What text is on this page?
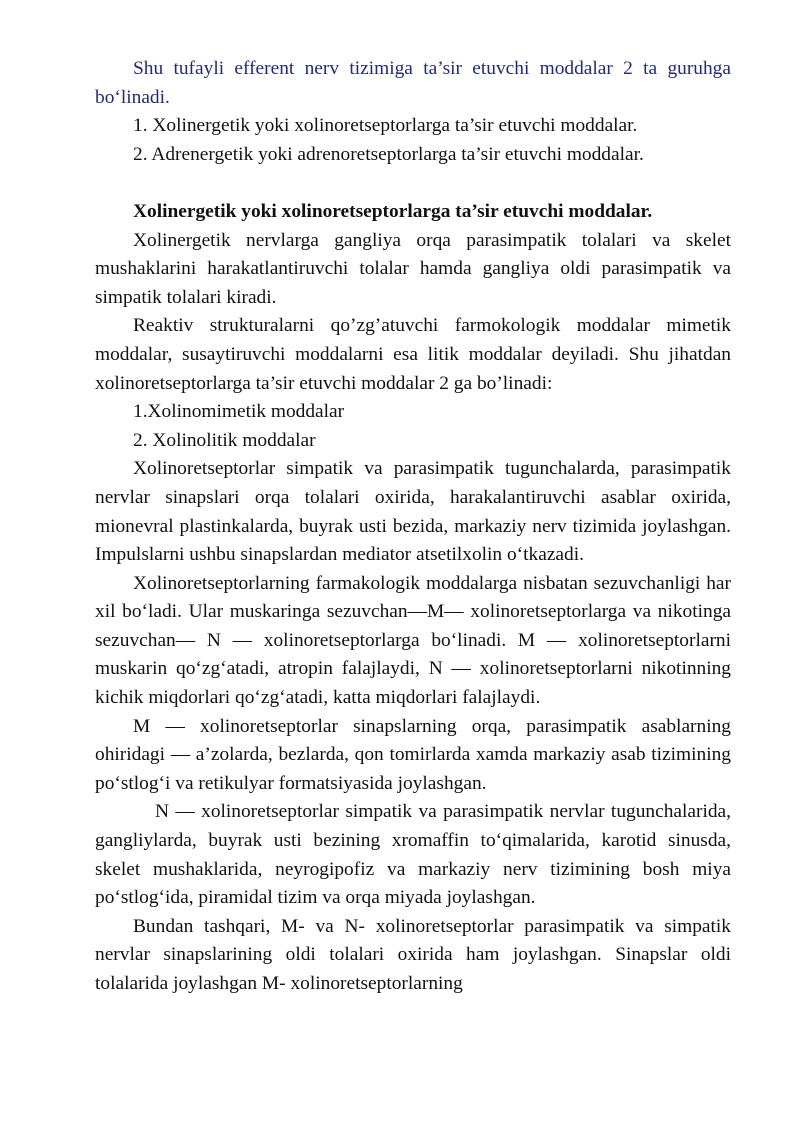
Shu tufayli efferent nerv tizimiga ta’sir etuvchi moddalar 2 ta guruhga bo‘linadi.

1. Xolinergetik yoki xolinoretseptorlarga ta’sir etuvchi moddalar.

2. Adrenergetik yoki adrenoretseptorlarga ta’sir etuvchi moddalar.

Xolinergetik yoki xolinoretseptorlarga ta’sir etuvchi moddalar.

Xolinergetik nervlarga gangliya orqa parasimpatik tolalari va skelet mushaklarini harakatlantiruvchi tolalar hamda gangliya oldi parasimpatik va simpatik tolalari kiradi.

Reaktiv strukturalarni qo’zg’atuvchi farmokologik moddalar mimetik moddalar, susaytiruvchi moddalarni esa litik moddalar deyiladi. Shu jihatdan xolinoretseptorlarga ta’sir etuvchi moddalar 2 ga bo’linadi:

1.Xolinomimetik moddalar

2. Xolinolitik moddalar

Xolinoretseptorlar simpatik va parasimpatik tugunchalarda, parasimpatik nervlar sinapslari orqa tolalari oxirida, harakalantiruvchi asablar oxirida, mionevral plastinkalarda, buyrak usti bezida, markaziy nerv tizimida joylashgan. Impulslarni ushbu sinapslardan mediator atsetilxolin o‘tkazadi.

Xolinoretseptorlarning farmakologik moddalarga nisbatan sezuvchanligi har xil bo‘ladi. Ular muskaringa sezuvchan—M— xolinoretseptorlarga va nikotinga sezuvchan— N — xolinoretseptorlarga bo‘linadi. M — xolinoretseptorlarni muskarin qo‘zg‘atadi, atropin falajlaydi, N — xolinoretseptorlarni nikotinning kichik miqdorlari qo‘zg‘atadi, katta miqdorlari falajlaydi.

M — xolinoretseptorlar sinapslarning orqa, parasimpatik asablarning ohiridagi — a’zolarda, bezlarda, qon tomirlarda xamda markaziy asab tizimining po‘stlog‘i va retikulyar formatsiyasida joylashgan.

N — xolinoretseptorlar simpatik va parasimpatik nervlar tugunchalarida, gangliylarda, buyrak usti bezining xromaffin to‘qimalarida, karotid sinusda, skelet mushaklarida, neyrogipofiz va markaziy nerv tizimining bosh miya po‘stlog‘ida, piramidal tizim va orqa miyada joylashgan.

Bundan tashqari, M- va N- xolinoretseptorlar parasimpatik va simpatik nervlar sinapslarining oldi tolalari oxirida ham joylashgan. Sinapslar oldi tolalarida joylashgan M- xolinoretseptorlarning
